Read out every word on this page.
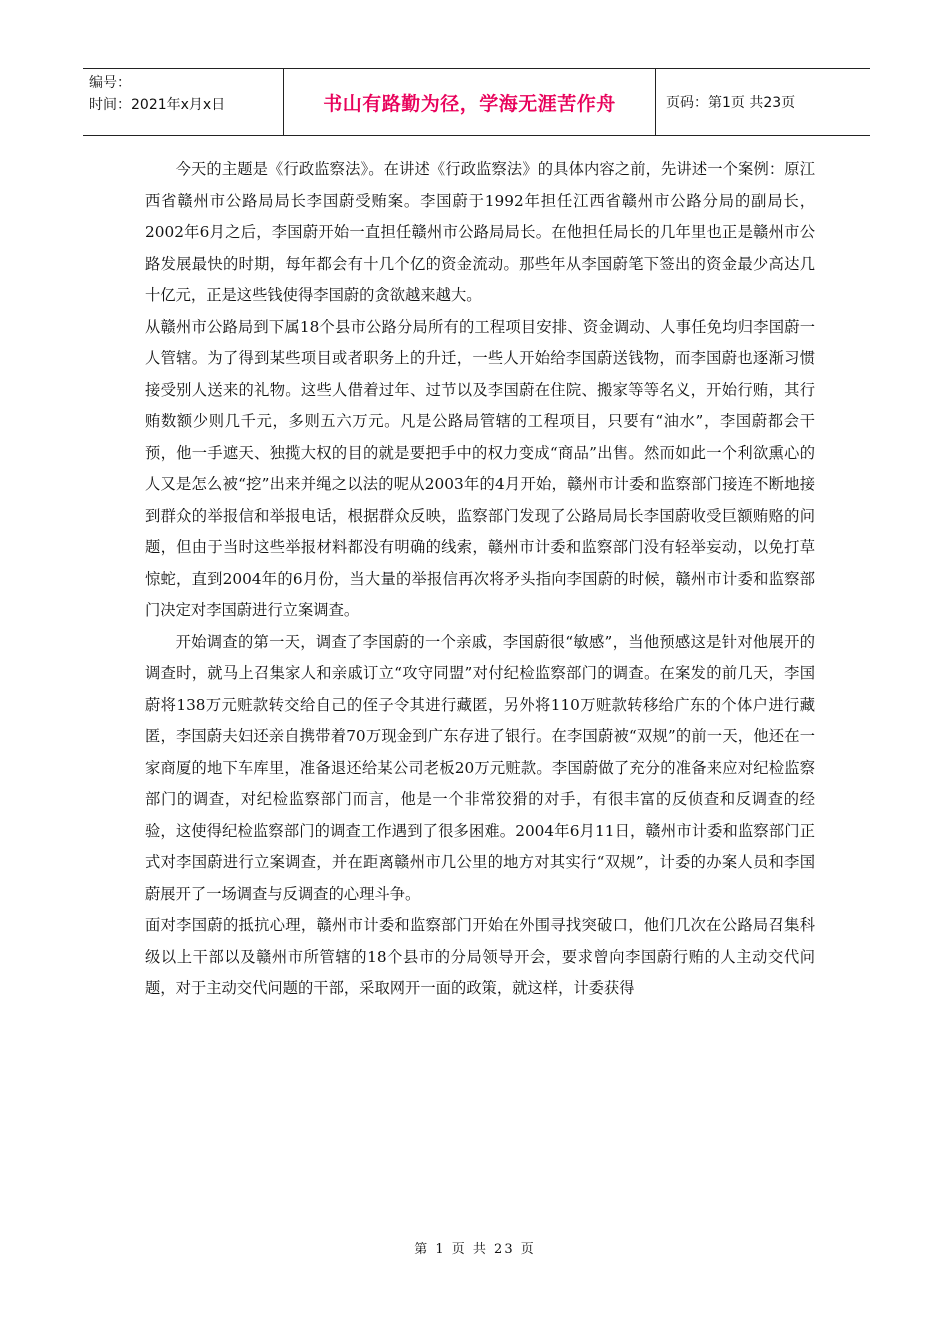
编号：
时间：2021年x月x日	书山有路勤为径，学海无涯苦作舟	页码：第1页 共23页

今天的主题是《行政监察法》。在讲述《行政监察法》的具体内容之前，先讲述一个案例：原江西省赣州市公路局局长李国蔚受贿案。李国蔚于1992年担任江西省赣州市公路分局的副局长， 2002年6月之后，李国蔚开始一直担任赣州市公路局局长。在他担任局长的几年里也正是赣州市公路发展最快的时期，每年都会有十几个亿的资金流动。那些年从李国蔚笔下签出的资金最少高达几十亿元，正是这些钱使得李国蔚的贪欲越来越大。

从赣州市公路局到下属18个县市公路分局所有的工程项目安排、资金调动、人事任免均归李国蔚一人管辖。为了得到某些项目或者职务上的升迁，一些人开始给李国蔚送钱物，而李国蔚也逐渐习惯接受别人送来的礼物。这些人借着过年、过节以及李国蔚在住院、搬家等等名义，开始行贿，其行贿数额少则几千元，多则五六万元。凡是公路局管辖的工程项目，只要有“油水”，李国蔚都会干预，他一手遮天、独揽大权的目的就是要把手中的权力变成“商品”出售。然而如此一个利欲熏心的人又是怎么被“挖”出来并绳之以法的呢从2003年的4月开始，赣州市计委和监察部门接连不断地接到群众的举报信和举报电话，根据群众反映，监察部门发现了公路局局长李国蔚收受巨额贿赂的问题，但由于当时这些举报材料都没有明确的线索，赣州市计委和监察部门没有轻举妄动，以免打草惊蛇，直到2004年的6月份，当大量的举报信再次将矛头指向李国蔚的时候，赣州市计委和监察部门决定对李国蔚进行立案调查。

开始调查的第一天，调查了李国蔚的一个亲戚，李国蔚很“敏感”，当他预感这是针对他展开的调查时，就马上召集家人和亲戚订立“攻守同盟”对付纪检监察部门的调查。在案发的前几天，李国蔚将138万元赃款转交给自己的侄子令其进行藏匿，另外将110万赃款转移给广东的个体户进行藏匿，李国蔚夫妇还亲自携带着70万现金到广东存进了银行。在李国蔚被“双规”的前一天，他还在一家商厦的地下车库里，准备退还给某公司老板20万元赃款。李国蔚做了充分的准备来应对纪检监察部门的调查，对纪检监察部门而言，他是一个非常狡猾的对手，有很丰富的反侦查和反调查的经验，这使得纪检监察部门的调查工作遇到了很多困难。2004年6月11日，赣州市计委和监察部门正式对李国蔚进行立案调查，并在距离赣州市几公里的地方对其实行“双规”，计委的办案人员和李国蔚展开了一场调查与反调查的心理斗争。

面对李国蔚的抵抗心理，赣州市计委和监察部门开始在外围寻找突破口，他们几次在公路局召集科级以上干部以及赣州市所管辖的18个县市的分局领导开会，要求曾向李国蔚行贿的人主动交代问题，对于主动交代问题的干部，采取网开一面的政策，就这样，计委获得

第 1 页 共 23 页
